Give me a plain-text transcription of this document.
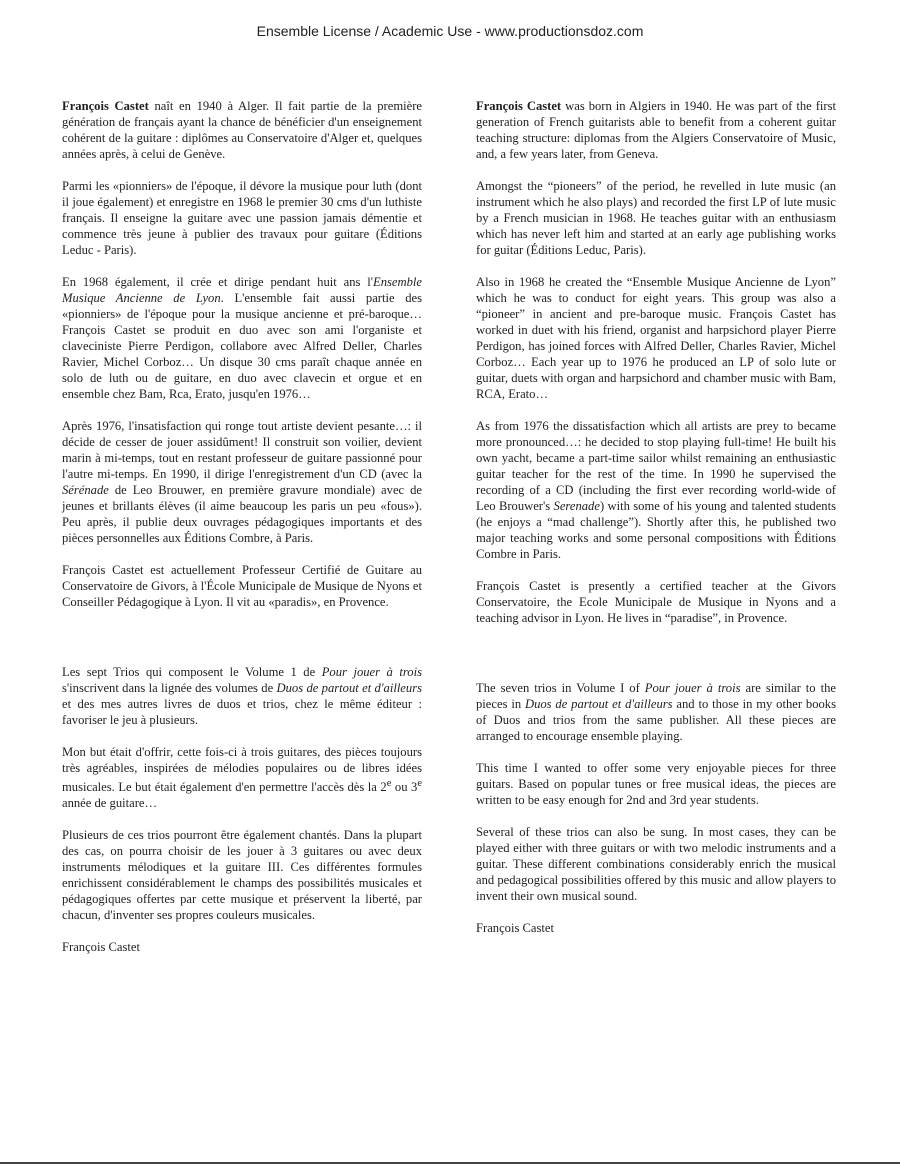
Ensemble License / Academic Use - www.productionsdoz.com

François Castet naît en 1940 à Alger. Il fait partie de la première génération de français ayant la chance de bénéficier d'un enseignement cohérent de la guitare : diplômes au Conservatoire d'Alger et, quelques années après, à celui de Genève.

Parmi les «pionniers» de l'époque, il dévore la musique pour luth (dont il joue également) et enregistre en 1968 le premier 30 cms d'un luthiste français. Il enseigne la guitare avec une passion jamais démentie et commence très jeune à publier des travaux pour guitare (Éditions Leduc - Paris).

En 1968 également, il crée et dirige pendant huit ans l'Ensemble Musique Ancienne de Lyon. L'ensemble fait aussi partie des «pionniers» de l'époque pour la musique ancienne et pré-baroque… François Castet se produit en duo avec son ami l'organiste et claveciniste Pierre Perdigon, collabore avec Alfred Deller, Charles Ravier, Michel Corboz… Un disque 30 cms paraît chaque année en solo de luth ou de guitare, en duo avec clavecin et orgue et en ensemble chez Bam, Rca, Erato, jusqu'en 1976…

Après 1976, l'insatisfaction qui ronge tout artiste devient pesante…: il décide de cesser de jouer assidûment! Il construit son voilier, devient marin à mi-temps, tout en restant professeur de guitare passionné pour l'autre mi-temps. En 1990, il dirige l'enregistrement d'un CD (avec la Sérénade de Leo Brouwer, en première gravure mondiale) avec de jeunes et brillants élèves (il aime beaucoup les paris un peu «fous»). Peu après, il publie deux ouvrages pédagogiques importants et des pièces personnelles aux Éditions Combre, à Paris.

François Castet est actuellement Professeur Certifié de Guitare au Conservatoire de Givors, à l'École Municipale de Musique de Nyons et Conseiller Pédagogique à Lyon. Il vit au «paradis», en Provence.

Les sept Trios qui composent le Volume 1 de Pour jouer à trois s'inscrivent dans la lignée des volumes de Duos de partout et d'ailleurs et des mes autres livres de duos et trios, chez le même éditeur : favoriser le jeu à plusieurs.

Mon but était d'offrir, cette fois-ci à trois guitares, des pièces toujours très agréables, inspirées de mélodies populaires ou de libres idées musicales. Le but était également d'en permettre l'accès dès la 2e ou 3e année de guitare…

Plusieurs de ces trios pourront être également chantés. Dans la plupart des cas, on pourra choisir de les jouer à 3 guitares ou avec deux instruments mélodiques et la guitare III. Ces différentes formules enrichissent considérablement le champs des possibilités musicales et pédagogiques offertes par cette musique et préservent la liberté, par chacun, d'inventer ses propres couleurs musicales.

François Castet

François Castet was born in Algiers in 1940. He was part of the first generation of French guitarists able to benefit from a coherent guitar teaching structure: diplomas from the Algiers Conservatoire of Music, and, a few years later, from Geneva.

Amongst the “pioneers” of the period, he revelled in lute music (an instrument which he also plays) and recorded the first LP of lute music by a French musician in 1968. He teaches guitar with an enthusiasm which has never left him and started at an early age publishing works for guitar (Éditions Leduc, Paris).

Also in 1968 he created the “Ensemble Musique Ancienne de Lyon” which he was to conduct for eight years. This group was also a “pioneer” in ancient and pre-baroque music. François Castet has worked in duet with his friend, organist and harpsichord player Pierre Perdigon, has joined forces with Alfred Deller, Charles Ravier, Michel Corboz… Each year up to 1976 he produced an LP of solo lute or guitar, duets with organ and harpsichord and chamber music with Bam, RCA, Erato…

As from 1976 the dissatisfaction which all artists are prey to became more pronounced…: he decided to stop playing full-time! He built his own yacht, became a part-time sailor whilst remaining an enthusiastic guitar teacher for the rest of the time. In 1990 he supervised the recording of a CD (including the first ever recording world-wide of Leo Brouwer's Serenade) with some of his young and talented students (he enjoys a “mad challenge”). Shortly after this, he published two major teaching works and some personal compositions with Éditions Combre in Paris.

François Castet is presently a certified teacher at the Givors Conservatoire, the Ecole Municipale de Musique in Nyons and a teaching advisor in Lyon. He lives in “paradise”, in Provence.

The seven trios in Volume I of Pour jouer à trois are similar to the pieces in Duos de partout et d'ailleurs and to those in my other books of Duos and trios from the same publisher. All these pieces are arranged to encourage ensemble playing.

This time I wanted to offer some very enjoyable pieces for three guitars. Based on popular tunes or free musical ideas, the pieces are written to be easy enough for 2nd and 3rd year students.

Several of these trios can also be sung. In most cases, they can be played either with three guitars or with two melodic instruments and a guitar. These different combinations considerably enrich the musical and pedagogical possibilities offered by this music and allow players to invent their own musical sound.

François Castet
